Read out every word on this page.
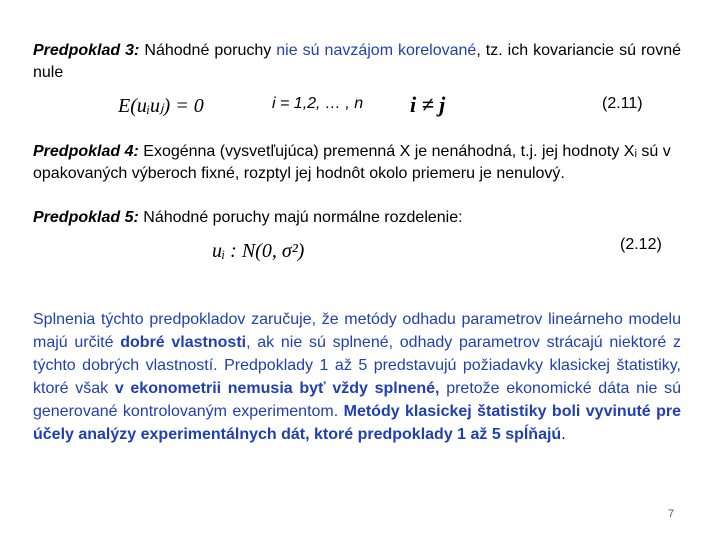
Predpoklad 3: Náhodné poruchy nie sú navzájom korelované, tz. ich kovariancie sú rovné nule
E(uᵢuⱼ) = 0	i = 1,2, … , n i ≠ j	(2.11)
Predpoklad 4: Exogénna (vysvetľujúca) premenná X je nenáhodná, t.j. jej hodnoty Xᵢ sú v opakovaných výberoch fixné, rozptyl jej hodnôt okolo priemeru je nenulový.
Predpoklad 5: Náhodné poruchy majú normálne rozdelenie:
(2.12)
uᵢ : N(0, σ²)
Splnenia týchto predpokladov zaručuje, že metódy odhadu parametrov lineárneho modelu majú určité dobré vlastnosti, ak nie sú splnené, odhady parametrov strácajú niektoré z týchto dobrých vlastností. Predpoklady 1 až 5 predstavujú požiadavky klasickej štatistiky, ktoré však v ekonometrii nemusia byť vždy splnené, pretože ekonomické dáta nie sú generované kontrolovaným experimentom. Metódy klasickej štatistiky boli vyvinuté pre účely analýzy experimentálnych dát, ktoré predpoklady 1 až 5 spĺňajú.
7
